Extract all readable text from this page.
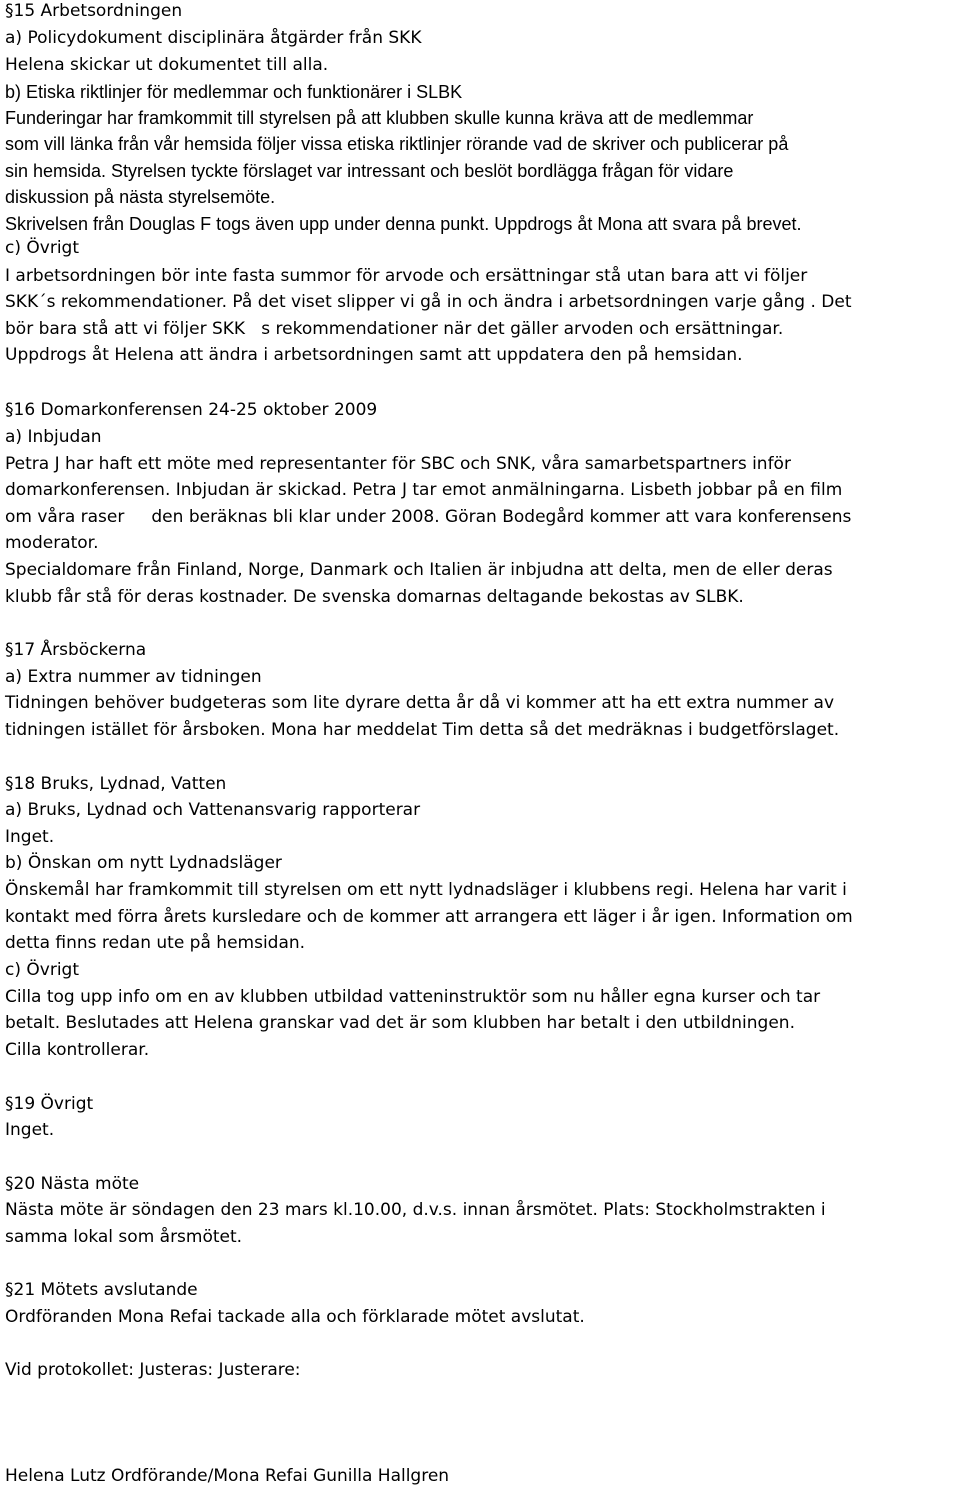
§15 Arbetsordningen

a) Policydokument disciplinära åtgärder från SKK

Helena skickar ut dokumentet till alla.

b) Etiska riktlinjer för medlemmar och funktionärer i SLBK

Funderingar har framkommit till styrelsen på att klubben skulle kunna kräva att de medlemmar

som vill länka från vår hemsida följer vissa etiska riktlinjer rörande vad de skriver och publicerar på

sin hemsida. Styrelsen tyckte förslaget var intressant och beslöt bordlägga frågan för vidare

diskussion på nästa styrelsemöte.

Skrivelsen från Douglas F togs även upp under denna punkt. Uppdrogs åt Mona att svara på brevet.

c) Övrigt

I arbetsordningen bör inte fasta summor för arvode och ersättningar stå utan bara att vi följer

SKK´s rekommendationer. På det viset slipper vi gå in och ändra i arbetsordningen varje gång . Det

bör bara stå att vi följer SKK   s rekommendationer när det gäller arvoden och ersättningar.

Uppdrogs åt Helena att ändra i arbetsordningen samt att uppdatera den på hemsidan.

§16 Domarkonferensen 24-25 oktober 2009

a) Inbjudan

Petra J har haft ett möte med representanter för SBC och SNK, våra samarbetspartners inför

domarkonferensen. Inbjudan är skickad. Petra J tar emot anmälningarna. Lisbeth jobbar på en film

om våra raser     den beräknas bli klar under 2008. Göran Bodegård kommer att vara konferensens

moderator.

Specialdomare från Finland, Norge, Danmark och Italien är inbjudna att delta, men de eller deras

klubb får stå för deras kostnader. De svenska domarnas deltagande bekostas av SLBK.

§17 Årsböckerna

a) Extra nummer av tidningen

Tidningen behöver budgeteras som lite dyrare detta år då vi kommer att ha ett extra nummer av

tidningen istället för årsboken. Mona har meddelat Tim detta så det medräknas i budgetförslaget.

§18 Bruks, Lydnad, Vatten

a) Bruks, Lydnad och Vattenansvarig rapporterar

Inget.

b) Önskan om nytt Lydnadsläger

Önskemål har framkommit till styrelsen om ett nytt lydnadsläger i klubbens regi. Helena har varit i

kontakt med förra årets kursledare och de kommer att arrangera ett läger i år igen. Information om

detta finns redan ute på hemsidan.

c) Övrigt

Cilla tog upp info om en av klubben utbildad vatteninstruktör som nu håller egna kurser och tar

betalt. Beslutades att Helena granskar vad det är som klubben har betalt i den utbildningen.

Cilla kontrollerar.

§19 Övrigt

Inget.

§20 Nästa möte

Nästa möte är söndagen den 23 mars kl.10.00, d.v.s. innan årsmötet. Plats: Stockholmstrakten i

samma lokal som årsmötet.

§21 Mötets avslutande

Ordföranden Mona Refai tackade alla och förklarade mötet avslutat.

Vid protokollet: Justeras: Justerare:

Helena Lutz Ordförande/Mona Refai Gunilla Hallgren
